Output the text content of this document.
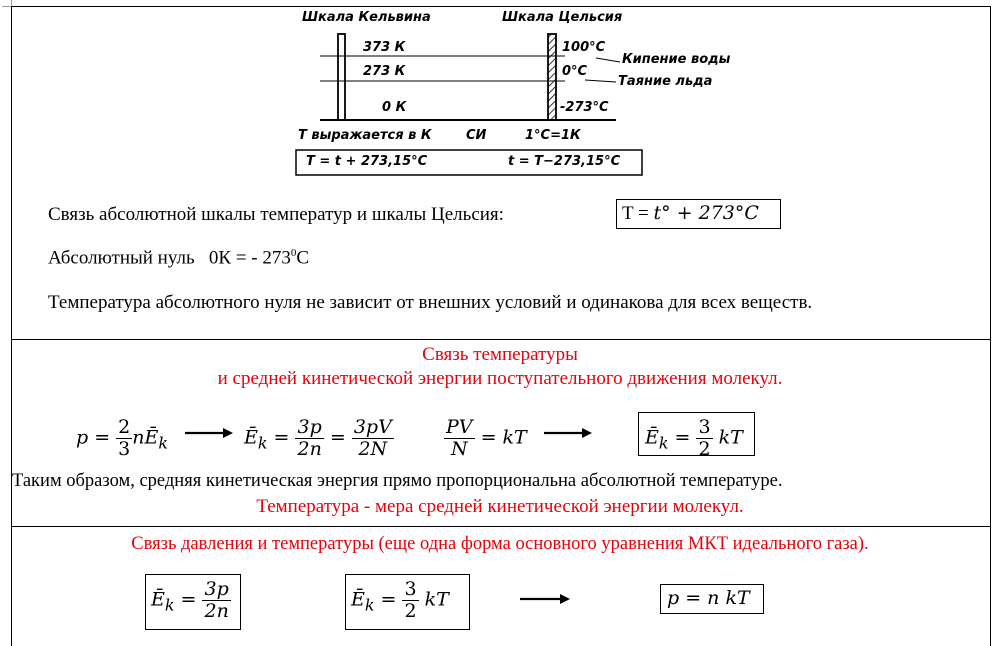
Шкала Кельвина	Шкала Цельсия
373 К
273 К
0 К
100°С
0°С
-273°С
Кипение воды
Таяние льда
Т выражается в К	СИ	1°С=1К
Т = t + 273,15°С	t = Т−273,15°С
Связь абсолютной шкалы температур и шкалы Цельсия:	T = t° + 273°C
Абсолютный нуль 0К = - $273^0С$
Температура абсолютного нуля не зависит от внешних условий и одинакова для всех веществ.
Связь температуры
и средней кинетической энергии поступательного движения молекул.
$p = \frac{2}{3}$ $nĒ_k$	$Ē_k = \frac{3p}{2n} = \frac{3pV}{2N}$	$\frac{PV}{N}$ = kT	$Ē_k = \frac{3}{2}$ kT
Таким образом, средняя кинетическая энергия прямо пропорциональна абсолютной температуре.
Температура - мера средней кинетической энергии молекул.
Связь давления и температуры (еще одна форма основного уравнения МКТ идеального газа).
$Ē_k = \frac{3p}{2n}$	$Ē_k = \frac{3}{2}$ kT	p = n kT
